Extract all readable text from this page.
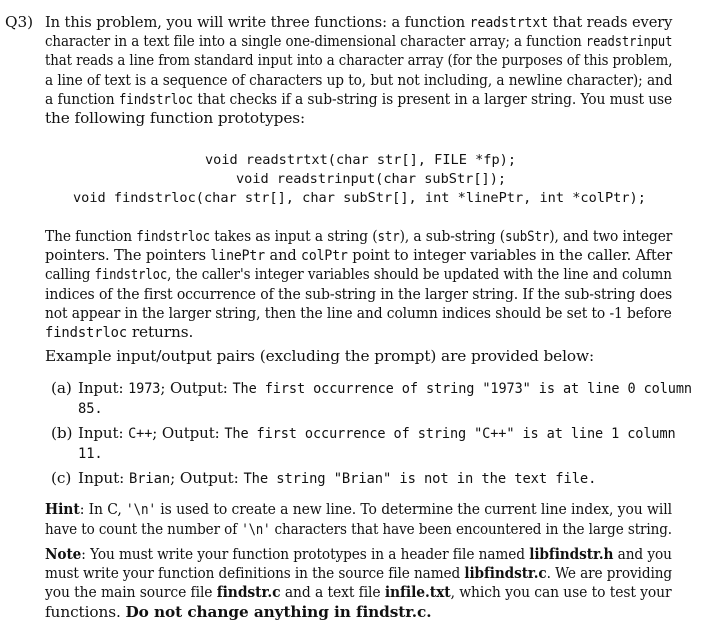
Q3) In this problem, you will write three functions: a function readstrtxt that reads every
character in a text file into a single one-dimensional character array; a function readstrinput
that reads a line from standard input into a character array (for the purposes of this problem,
a line of text is a sequence of characters up to, but not including, a newline character); and
a function findstrloc that checks if a sub-string is present in a larger string. You must use
the following function prototypes:
void readstrtxt(char str[], FILE *fp);
void readstrinput(char subStr[]);
void findstrloc(char str[], char subStr[], int *linePtr, int *colPtr);
The function findstrloc takes as input a string (str), a sub-string (subStr), and two integer
pointers. The pointers linePtr and colPtr point to integer variables in the caller. After
calling findstrloc, the caller's integer variables should be updated with the line and column
indices of the first occurrence of the sub-string in the larger string. If the sub-string does
not appear in the larger string, then the line and column indices should be set to -1 before
findstrloc returns.
Example input/output pairs (excluding the prompt) are provided below:
(a) Input: 1973; Output: The first occurrence of string "1973" is at line 0 column
85.
(b) Input: C++; Output: The first occurrence of string "C++" is at line 1 column
11.
(c) Input: Brian; Output: The string "Brian" is not in the text file.
Hint: In C, '\n' is used to create a new line. To determine the current line index, you will
have to count the number of '\n' characters that have been encountered in the large string.
Note: You must write your function prototypes in a header file named libfindstr.h and you
must write your function definitions in the source file named libfindstr.c. We are providing
you the main source file findstr.c and a text file infile.txt, which you can use to test your
functions. Do not change anything in findstr.c.
